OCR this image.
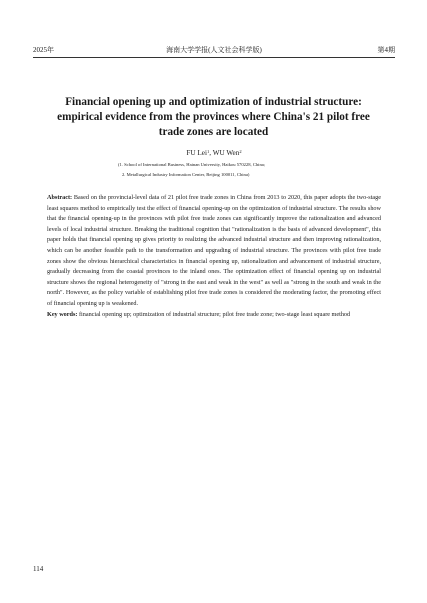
2025年	海南大学学报(人文社会科学版)	第4期
Financial opening up and optimization of industrial structure: empirical evidence from the provinces where China's 21 pilot free trade zones are located
FU Lei$^1$, WU Wen$^2$
(1. School of International Business, Hainan University, Haikou 570228, China;
2. Metallurgical Industry Information Center, Beijing 100011, China)

Abstract: Based on the provincial-level data of 21 pilot free trade zones in China from 2013 to 2020, this paper adopts the two-stage least squares method to empirically test the effect of financial opening-up on the optimization of industrial structure. The results show that the financial opening-up in the provinces with pilot free trade zones can significantly improve the rationalization and advanced levels of local industrial structure. Breaking the traditional cognition that "rationalization is the basis of advanced development", this paper holds that financial opening up gives priority to realizing the advanced industrial structure and then improving rationalization, which can be another feasible path to the transformation and upgrading of industrial structure. The provinces with pilot free trade zones show the obvious hierarchical characteristics in financial opening up, rationalization and advancement of industrial structure, gradually decreasing from the coastal provinces to the inland ones. The optimization effect of financial opening up on industrial structure shows the regional heterogeneity of "strong in the east and weak in the west" as well as "strong in the south and weak in the north". However, as the policy variable of establishing pilot free trade zones is considered the moderating factor, the promoting effect of financial opening up is weakened.

Key words: financial opening up; optimization of industrial structure; pilot free trade zone; two-stage least square method

114
